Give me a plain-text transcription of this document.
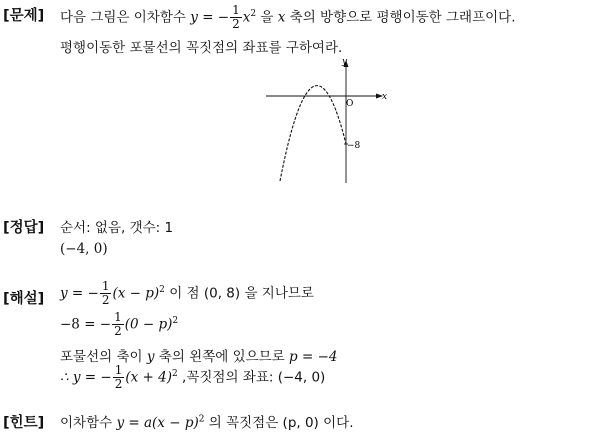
[문제] 다음 그림은 이차함수 y = − $\frac{1}{2} x^2$ 을 x 축의 방향으로 평행이동한 그래프이다.
평행이동한 포물선의 꼭짓점의 좌표를 구하여라.
x
y
O
−8
[정답] 순서: 없음, 갯수: 1
(−4, 0)
[해설] y = − $\frac{1}{2} (x - p)^2$ 이 점 (0, 8) 을 지나므로
−8 = − $\frac{1}{2} (0 - p)^2$
포물선의 축이 y 축의 왼쪽에 있으므로 p = −4
∴ y = − $\frac{1}{2} (x + 4)^2$ ,꼭짓점의 좌표: (−4, 0)
[힌트] 이차함수 $y = a(x - p)^2$ 의 꼭짓점은 (p, 0) 이다.
